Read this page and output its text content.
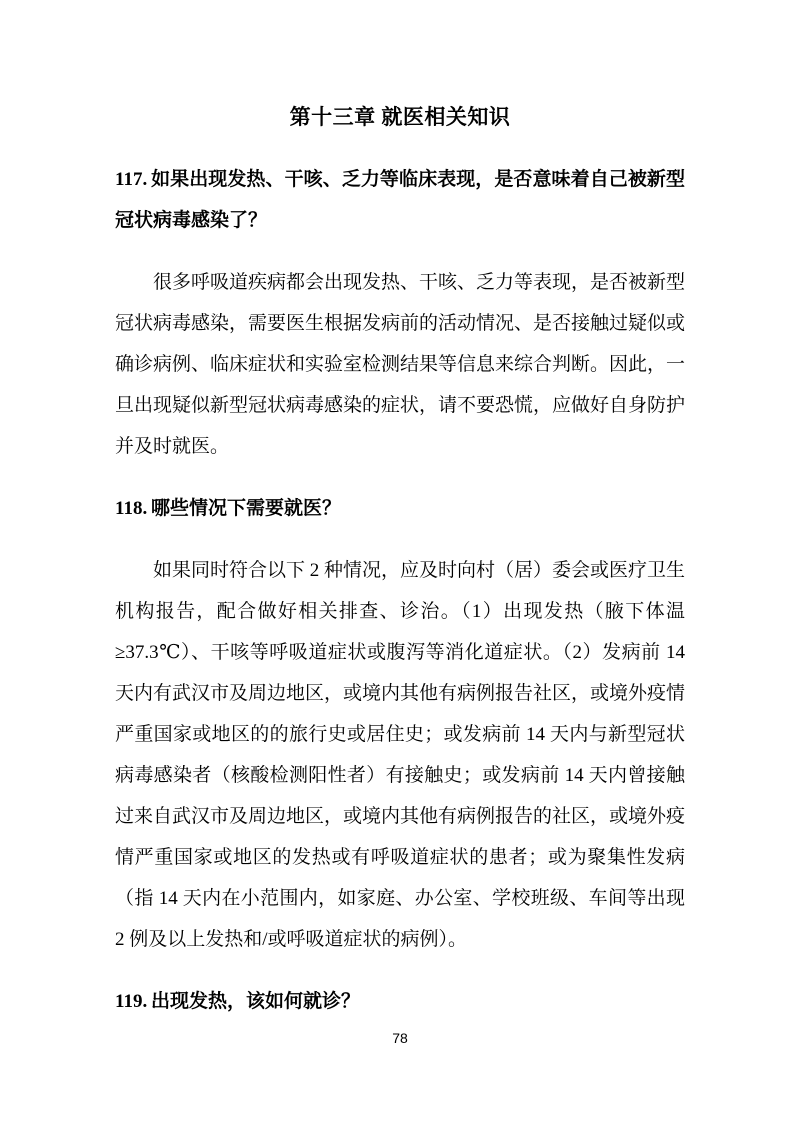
第十三章 就医相关知识
117. 如果出现发热、干咳、乏力等临床表现，是否意味着自己被新型冠状病毒感染了？

很多呼吸道疾病都会出现发热、干咳、乏力等表现，是否被新型冠状病毒感染，需要医生根据发病前的活动情况、是否接触过疑似或确诊病例、临床症状和实验室检测结果等信息来综合判断。因此，一旦出现疑似新型冠状病毒感染的症状，请不要恐慌，应做好自身防护并及时就医。

118. 哪些情况下需要就医？

如果同时符合以下 2 种情况，应及时向村（居）委会或医疗卫生机构报告，配合做好相关排查、诊治。（1）出现发热（腋下体温≥37.3℃）、干咳等呼吸道症状或腹泻等消化道症状。（2）发病前 14 天内有武汉市及周边地区，或境内其他有病例报告社区，或境外疫情严重国家或地区的的旅行史或居住史；或发病前 14 天内与新型冠状病毒感染者（核酸检测阳性者）有接触史；或发病前 14 天内曾接触过来自武汉市及周边地区，或境内其他有病例报告的社区，或境外疫情严重国家或地区的发热或有呼吸道症状的患者；或为聚集性发病（指 14 天内在小范围内，如家庭、办公室、学校班级、车间等出现 2 例及以上发热和/或呼吸道症状的病例）。

119. 出现发热，该如何就诊？
78
